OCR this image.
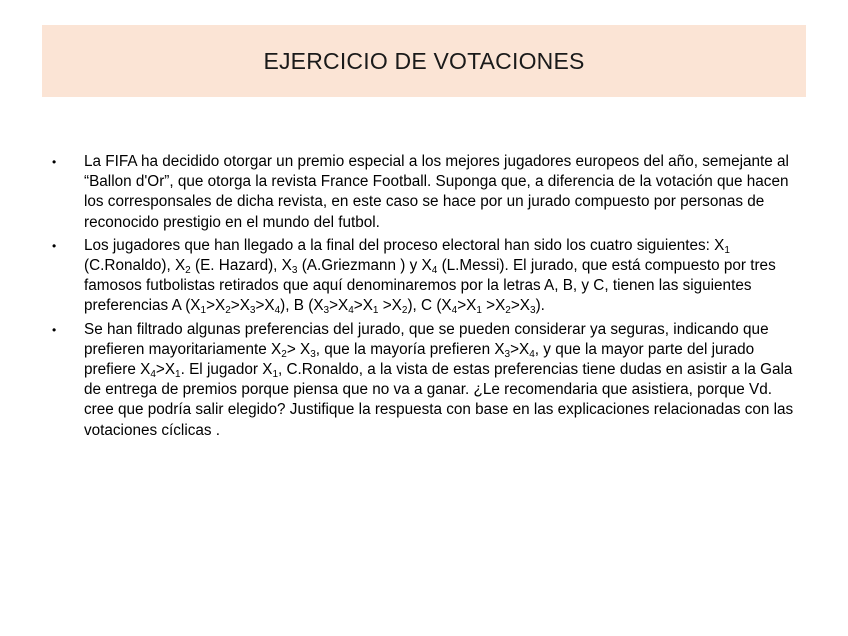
EJERCICIO DE VOTACIONES
•	La FIFA ha decidido otorgar un premio especial a los mejores jugadores europeos del año, semejante al “Ballon d'Or”, que otorga la revista France Football. Suponga que, a diferencia de la votación que hacen los corresponsales de dicha revista, en este caso se hace por un jurado compuesto por personas de reconocido prestigio en el mundo del futbol.
•	Los jugadores que han llegado a la final del proceso electoral han sido los cuatro siguientes: $X_1$ (C.Ronaldo), $X_2$ (E. Hazard), $X_3$ (A.Griezmann ) y $X_4$ (L.Messi). El jurado, que está compuesto por tres famosos futbolistas retirados que aquí denominaremos por la letras A, B, y C, tienen las siguientes preferencias A $(X_1>X_2>X_3>X_4)$, B $(X_3>X_4>X_1 >X_2)$, C $(X_4>X_1 >X_2>X_3)$.
•	Se han filtrado algunas preferencias del jurado, que se pueden considerar ya seguras, indicando que prefieren mayoritariamente $X_2> X_3$, que la mayoría prefieren $X_3>X_4$, y que la mayor parte del jurado prefiere $X_4>X_1$. El jugador $X_1$, C.Ronaldo, a la vista de estas preferencias tiene dudas en asistir a la Gala de entrega de premios porque piensa que no va a ganar. ¿Le recomendaria que asistiera, porque Vd. cree que podría salir elegido? Justifique la respuesta con base en las explicaciones relacionadas con las votaciones cíclicas .
